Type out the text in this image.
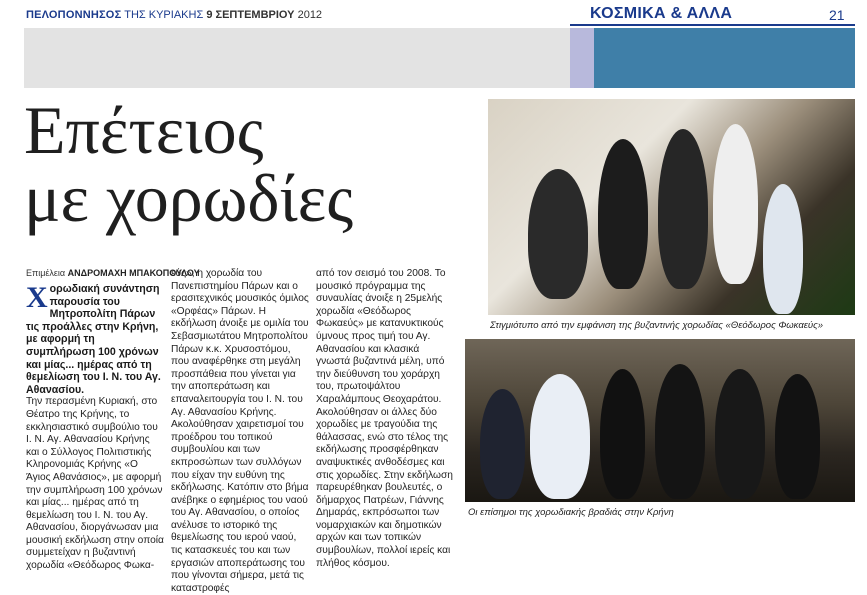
ΠΕΛΟΠΟΝΝΗΣΟΣ ΤΗΣ ΚΥΡΙΑΚΗΣ 9 ΣΕΠΤΕΜΒΡΙΟΥ 2012	ΚΟΣΜΙΚΑ & ΑΛΛΑ	21
Επέτειος
με χορωδίες
Επιμέλεια ΑΝΔΡΟΜΑΧΗ ΜΠΑΚΟΠΟΥΛΟΥ

Χορωδιακή συνάντηση παρουσία του Μητροπολίτη Πάρων τις προάλλες στην Κρήνη, με αφορμή τη συμπλήρωση 100 χρόνων και μίας... ημέρας από τη θεμελίωση του Ι. Ν. του Αγ. Αθανασίου.

Την περασμένη Κυριακή, στο Θέατρο της Κρήνης, το εκκλησιαστικό συμβούλιο του Ι. Ν. Αγ. Αθανασίου Κρήνης και ο Σύλλογος Πολιτιστικής Κληρονομιάς Κρήνης «Ο Άγιος Αθανάσιος», με αφορμή την συμπλήρωση 100 χρόνων και μίας... ημέρας από τη θεμελίωση του Ι. Ν. του Αγ. Αθανασίου, διοργάνωσαν μια μουσική εκδήλωση στην οποία συμμετείχαν η βυζαντινή χορωδία «Θεόδωρος Φωκα-

εύς», η χορωδία του Πανεπιστημίου Πάρων και ο ερασιτεχνικός μουσικός όμιλος «Ορφέας» Πάρων. Η εκδήλωση άνοιξε με ομιλία του Σεβασμιωτάτου Μητροπολίτου Πάρων κ.κ. Χρυσοστόμου, που αναφέρθηκε στη μεγάλη προσπάθεια που γίνεται για την αποπεράτωση και επαναλειτουργία του Ι. Ν. του Αγ. Αθανασίου Κρήνης. Ακολούθησαν χαιρετισμοί του προέδρου του τοπικού συμβουλίου και των εκπροσώπων των συλλόγων που είχαν την ευθύνη της εκδήλωσης. Κατόπιν στο βήμα ανέβηκε ο εφημέριος του ναού του Αγ. Αθανασίου, ο οποίος ανέλυσε το ιστορικό της θεμελίωσης του ιερού ναού, τις κατασκευές του και των εργασιών αποπεράτωσης του που γίνονται σήμερα, μετά τις καταστροφές

από τον σεισμό του 2008. Το μουσικό πρόγραμμα της συναυλίας άνοιξε η 25μελής χορωδία «Θεόδωρος Φωκαεύς» με κατανυκτικούς ύμνους προς τιμή του Αγ. Αθανασίου και κλασικά γνωστά βυζαντινά μέλη, υπό την διεύθυνση του χοράρχη του, πρωτοψάλτου Χαραλάμπους Θεοχαράτου. Ακολούθησαν οι άλλες δύο χορωδίες με τραγούδια της θάλασσας, ενώ στο τέλος της εκδήλωσης προσφέρθηκαν αναψυκτικές ανθοδέσμες και στις χορωδίες. Στην εκδήλωση παρευρέθηκαν βουλευτές, ο δήμαρχος Πατρέων, Γιάννης Δημαράς, εκπρόσωποι των νομαρχιακών και δημοτικών αρχών και των τοπικών συμβουλίων, πολλοί ιερείς και πλήθος κόσμου.

Στιγμιότυπο από την εμφάνιση της βυζαντινής χορωδίας «Θεόδωρος Φωκαεύς»
Οι επίσημοι της χορωδιακής βραδιάς στην Κρήνη
